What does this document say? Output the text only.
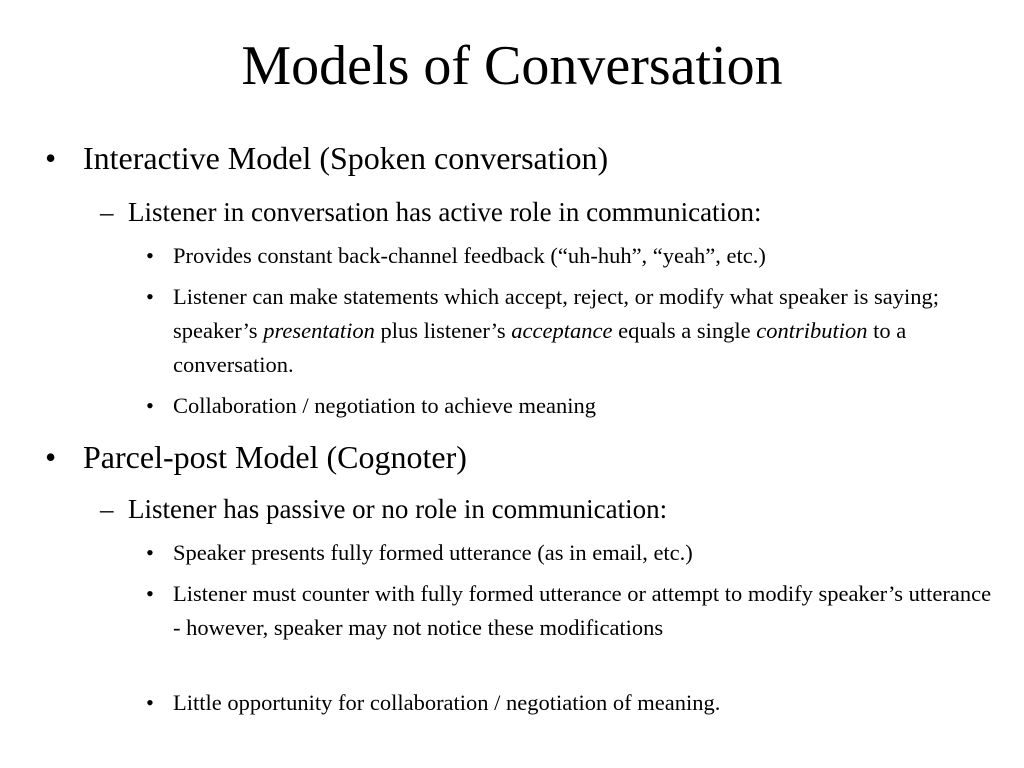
Models of Conversation
• Interactive Model (Spoken conversation)
– Listener in conversation has active role in communication:
• Provides constant back-channel feedback (“uh-huh”, “yeah”, etc.)
• Listener can make statements which accept, reject, or modify what speaker is saying; speaker’s presentation plus listener’s acceptance equals a single contribution to a conversation.
• Collaboration / negotiation to achieve meaning
• Parcel-post Model (Cognoter)
– Listener has passive or no role in communication:
• Speaker presents fully formed utterance (as in email, etc.)
• Listener must counter with fully formed utterance or attempt to modify speaker’s utterance - however, speaker may not notice these modifications
• Little opportunity for collaboration / negotiation of meaning.
